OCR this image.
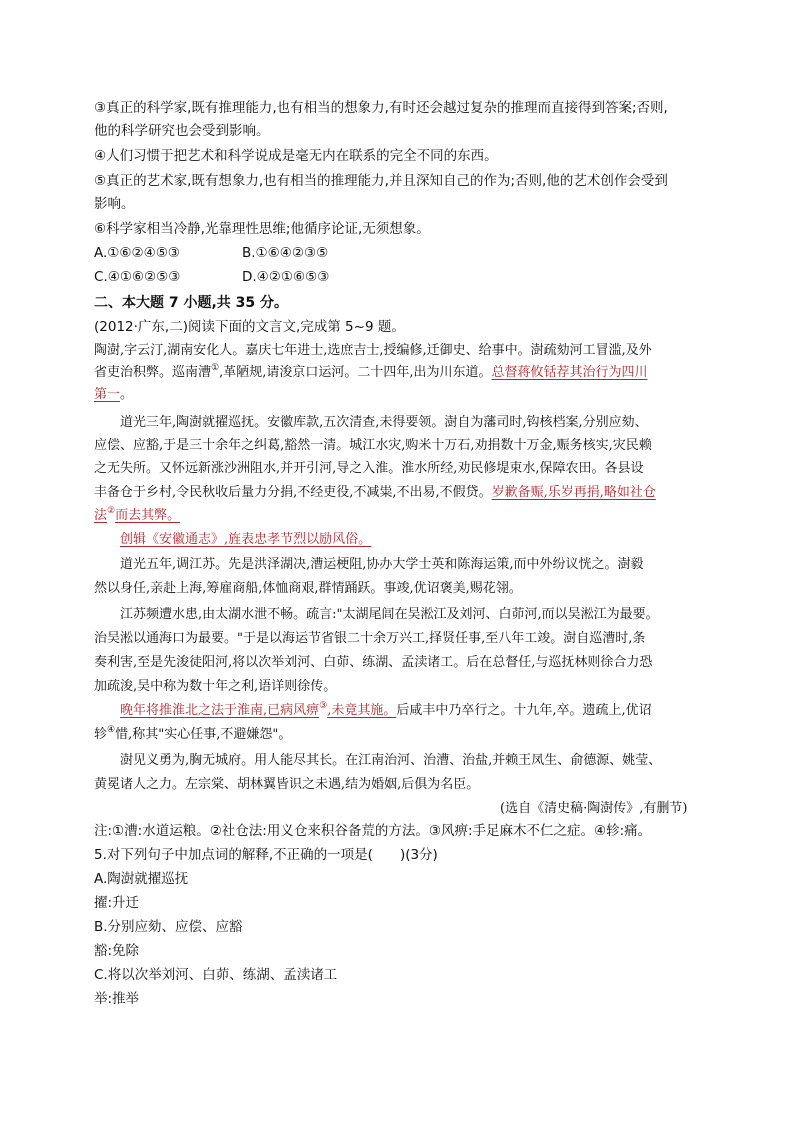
③真正的科学家,既有推理能力,也有相当的想象力,有时还会越过复杂的推理而直接得到答案;否则,
他的科学研究也会受到影响。
④人们习惯于把艺术和科学说成是毫无内在联系的完全不同的东西。
⑤真正的艺术家,既有想象力,也有相当的推理能力,并且深知自己的作为;否则,他的艺术创作会受到
影响。
⑥科学家相当冷静,光靠理性思维;他循序论证,无须想象。
A.①⑥②④⑤③	B.①⑥④②③⑤
C.④①⑥②⑤③	D.④②①⑥⑤③
二、本大题 7 小题,共 35 分。
(2012·广东,二)阅读下面的文言文,完成第 5~9 题。
陶澍,字云汀,湖南安化人。嘉庆七年进士,选庶吉士,授编修,迁御史、给事中。澍疏劾河工冒滥,及外
省吏治积弊。巡南漕①,革陋规,请浚京口运河。二十四年,出为川东道。总督蒋攸铦荐其治行为四川
第一。
道光三年,陶澍就擢巡抚。安徽库款,五次清查,未得要领。澍自为藩司时,钩核档案,分别应劾、
应偿、应豁,于是三十余年之纠葛,豁然一清。城江水灾,购米十万石,劝捐数十万金,赈务核实,灾民赖
之无失所。又怀远新涨沙洲阻水,并开引河,导之入淮。淮水所经,劝民修堤束水,保障农田。各县设
丰备仓于乡村,令民秋收后量力分捐,不经吏役,不减粜,不出易,不假贷。岁歉备赈,乐岁再捐,略如社仓
法②而去其弊。
创辑《安徽通志》,旌表忠孝节烈以励风俗。
道光五年,调江苏。先是洪泽湖决,漕运梗阻,协办大学士英和陈海运策,而中外纷议恍之。澍毅
然以身任,亲赴上海,筹雇商船,体恤商艰,群情踊跃。事竣,优诏褒美,赐花翎。
江苏频遭水患,由太湖水泄不畅。疏言:"太湖尾闾在吴淞江及刘河、白茆河,而以吴淞江为最要。
治吴淞以通海口为最要。"于是以海运节省银二十余万兴工,择贤任事,至八年工竣。澍自巡漕时,条
奏利害,至是先浚徒阳河,将以次举刘河、白茆、练湖、孟渎诸工。后在总督任,与巡抚林则徐合力恐
加疏浚,吴中称为数十年之利,语详则徐传。
晚年将推淮北之法于淮南,已病风痹③,未竟其施。后咸丰中乃卒行之。十九年,卒。遗疏上,优诏
轸④惜,称其"实心任事,不避嫌怨"。
澍见义勇为,胸无城府。用人能尽其长。在江南治河、治漕、治盐,并赖王凤生、俞德源、姚莹、
黄冕诸人之力。左宗棠、胡林翼皆识之未遇,结为婚姻,后俱为名臣。
(选自《清史稿·陶澍传》,有删节)
注:①漕:水道运粮。②社仓法:用义仓来积谷备荒的方法。③风痹:手足麻木不仁之症。④轸:痛。
5.对下列句子中加点词的解释,不正确的一项是(　　)(3分)
A.陶澍就擢巡抚
擢:升迁
B.分别应劾、应偿、应豁
豁:免除
C.将以次举刘河、白茆、练湖、孟渎诸工
举:推举
